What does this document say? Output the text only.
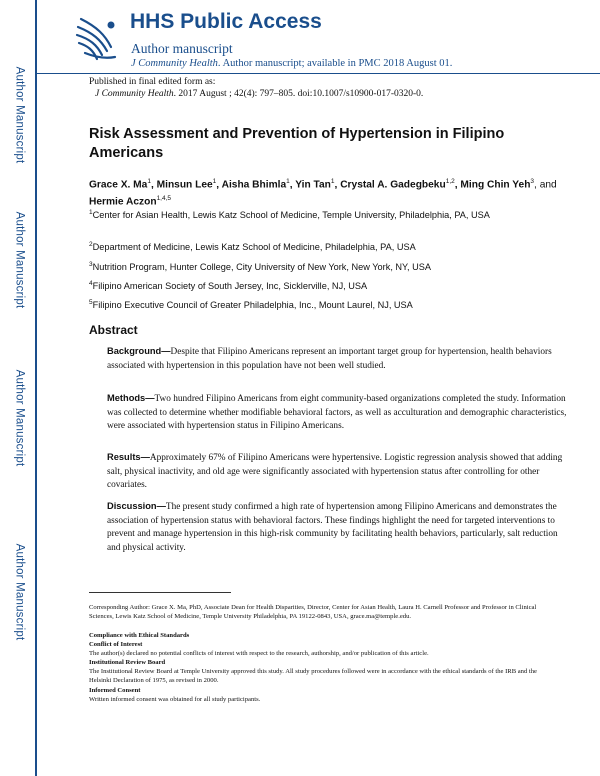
Author Manuscript
Author Manuscript
Author Manuscript
Author Manuscript
HHS Public Access
Author manuscript
J Community Health. Author manuscript; available in PMC 2018 August 01.
Published in final edited form as:
J Community Health. 2017 August ; 42(4): 797–805. doi:10.1007/s10900-017-0320-0.
Risk Assessment and Prevention of Hypertension in Filipino Americans
Grace X. Ma$^1$, Minsun Lee$^1$, Aisha Bhimla$^1$, Yin Tan$^1$, Crystal A. Gadegbeku$^{1,2}$, Ming Chin Yeh$^3$, and Hermie Aczon$^{1,4,5}$
$^1$Center for Asian Health, Lewis Katz School of Medicine, Temple University, Philadelphia, PA, USA
$^2$Department of Medicine, Lewis Katz School of Medicine, Philadelphia, PA, USA
$^3$Nutrition Program, Hunter College, City University of New York, New York, NY, USA
$^4$Filipino American Society of South Jersey, Inc, Sicklerville, NJ, USA
$^5$Filipino Executive Council of Greater Philadelphia, Inc., Mount Laurel, NJ, USA
Abstract
Background—Despite that Filipino Americans represent an important target group for hypertension, health behaviors associated with hypertension in this population have not been well studied.
Methods—Two hundred Filipino Americans from eight community-based organizations completed the study. Information was collected to determine whether modifiable behavioral factors, as well as acculturation and demographic characteristics, were associated with hypertension status in Filipino Americans.
Results—Approximately 67% of Filipino Americans were hypertensive. Logistic regression analysis showed that adding salt, physical inactivity, and old age were significantly associated with hypertension status after controlling for other covariates.
Discussion—The present study confirmed a high rate of hypertension among Filipino Americans and demonstrates the association of hypertension status with behavioral factors. These findings highlight the need for targeted interventions to prevent and manage hypertension in this high-risk community by facilitating health behaviors, particularly, salt reduction and physical activity.
Corresponding Author: Grace X. Ma, PhD, Associate Dean for Health Disparities, Director, Center for Asian Health, Laura H. Carnell Professor and Professor in Clinical Sciences, Lewis Katz School of Medicine, Temple University Philadelphia, PA 19122-0843, USA, grace.ma@temple.edu.
Compliance with Ethical Standards
Conflict of Interest
The author(s) declared no potential conflicts of interest with respect to the research, authorship, and/or publication of this article.
Institutional Review Board
The Institutional Review Board at Temple University approved this study. All study procedures followed were in accordance with the ethical standards of the IRB and the Helsinki Declaration of 1975, as revised in 2000.
Informed Consent
Written informed consent was obtained for all study participants.
